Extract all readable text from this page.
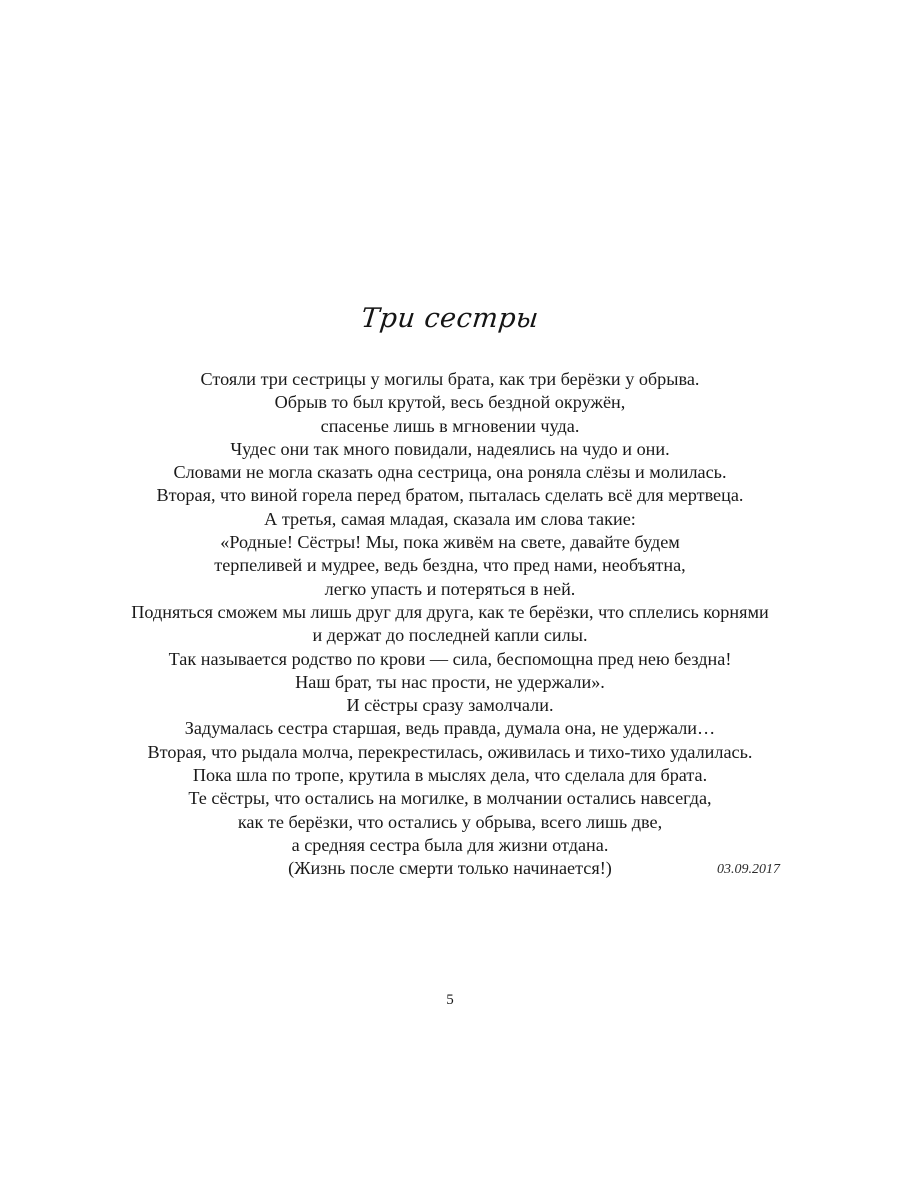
Три сестры
Стояли три сестрицы у могилы брата, как три берёзки у обрыва.
Обрыв то был крутой, весь бездной окружён,
спасенье лишь в мгновении чуда.
Чудес они так много повидали, надеялись на чудо и они.
Словами не могла сказать одна сестрица, она роняла слёзы и молилась.
Вторая, что виной горела перед братом, пыталась сделать всё для мертвеца.
А третья, самая младая, сказала им слова такие:
«Родные! Сёстры! Мы, пока живём на свете, давайте будем
терпеливей и мудрее, ведь бездна, что пред нами, необъятна,
легко упасть и потеряться в ней.
Подняться сможем мы лишь друг для друга, как те берёзки, что сплелись корнями
и держат до последней капли силы.
Так называется родство по крови — сила, беспомощна пред нею бездна!
Наш брат, ты нас прости, не удержали».
И сёстры сразу замолчали.
Задумалась сестра старшая, ведь правда, думала она, не удержали…
Вторая, что рыдала молча, перекрестилась, оживилась и тихо-тихо удалилась.
Пока шла по тропе, крутила в мыслях дела, что сделала для брата.
Те сёстры, что остались на могилке, в молчании остались навсегда,
как те берёзки, что остались у обрыва, всего лишь две,
а средняя сестра была для жизни отдана.
(Жизнь после смерти только начинается!)	03.09.2017
5
